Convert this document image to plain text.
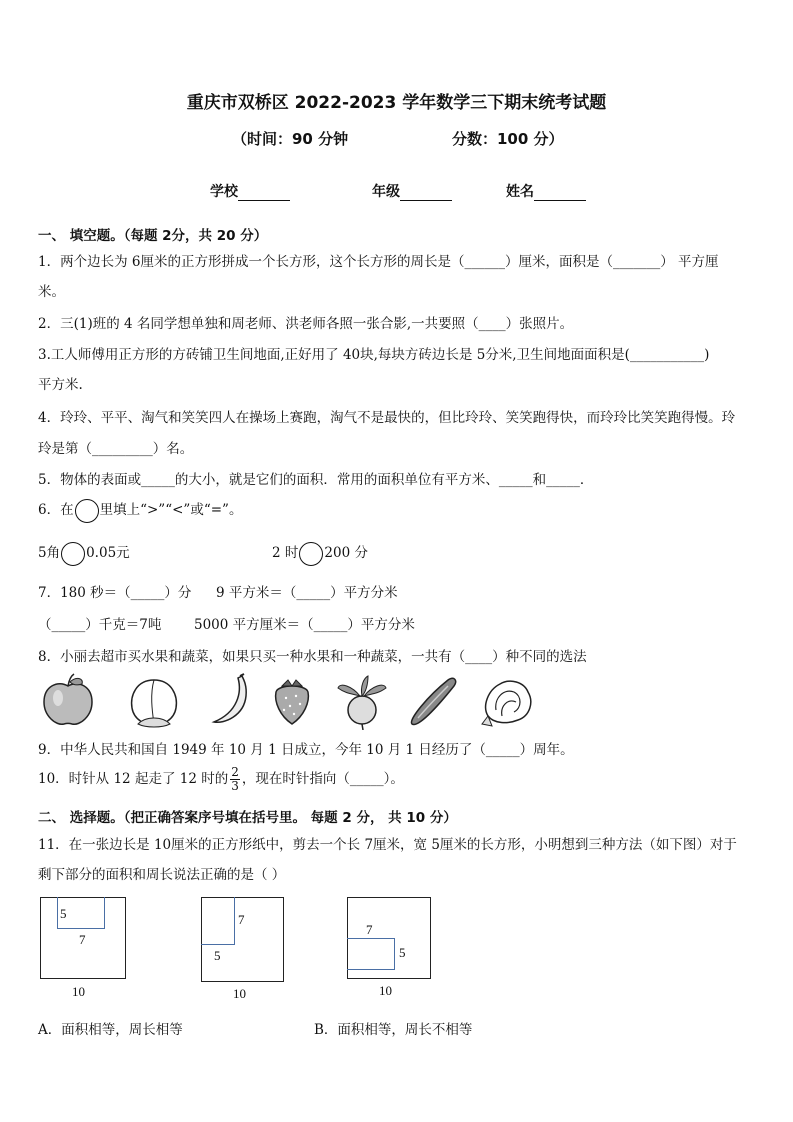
重庆市双桥区 2022-2023 学年数学三下期末统考试题
（时间：90 分钟	分数：100 分）
学校	年级	姓名
一、 填空题。（每题 2分，共 20 分）
1．两个边长为 6厘米的正方形拼成一个长方形，这个长方形的周长是（______）厘米，面积是（_______） 平方厘
米。
2．三(1)班的 4 名同学想单独和周老师、洪老师各照一张合影,一共要照（____）张照片。
3.工人师傅用正方形的方砖铺卫生间地面,正好用了 40块,每块方砖边长是 5分米,卫生间地面面积是(___________)
平方米.
4．玲玲、平平、淘气和笑笑四人在操场上赛跑，淘气不是最快的，但比玲玲、笑笑跑得快，而玲玲比笑笑跑得慢。玲
玲是第（_________）名。
5．物体的表面或_____的大小，就是它们的面积．常用的面积单位有平方米、_____和_____．
6．在 里填上“>”“<”或“=”。
5角 0.05元	2 时 200 分
7．180 秒＝（_____）分 9 平方米＝（_____）平方分米
（_____）千克＝7吨 5000 平方厘米＝（_____）平方分米
8．小丽去超市买水果和蔬菜，如果只买一种水果和一种蔬菜，一共有（____）种不同的选法
9．中华人民共和国自 1949 年 10 月 1 日成立，今年 10 月 1 日经历了（_____）周年。
10．时针从 12 起走了 12 时的 $\frac{2}{3}$ ，现在时针指向（_____）。
二、 选择题。（把正确答案序号填在括号里。 每题 2 分， 共 10 分）
11．在一张边长是 10厘米的正方形纸中，剪去一个长 7厘米，宽 5厘米的长方形，小明想到三种方法（如下图）对于
剩下部分的面积和周长说法正确的是（ ）
5
7
10
7
5
10
7
5
10
A．面积相等，周长相等	B．面积相等，周长不相等
